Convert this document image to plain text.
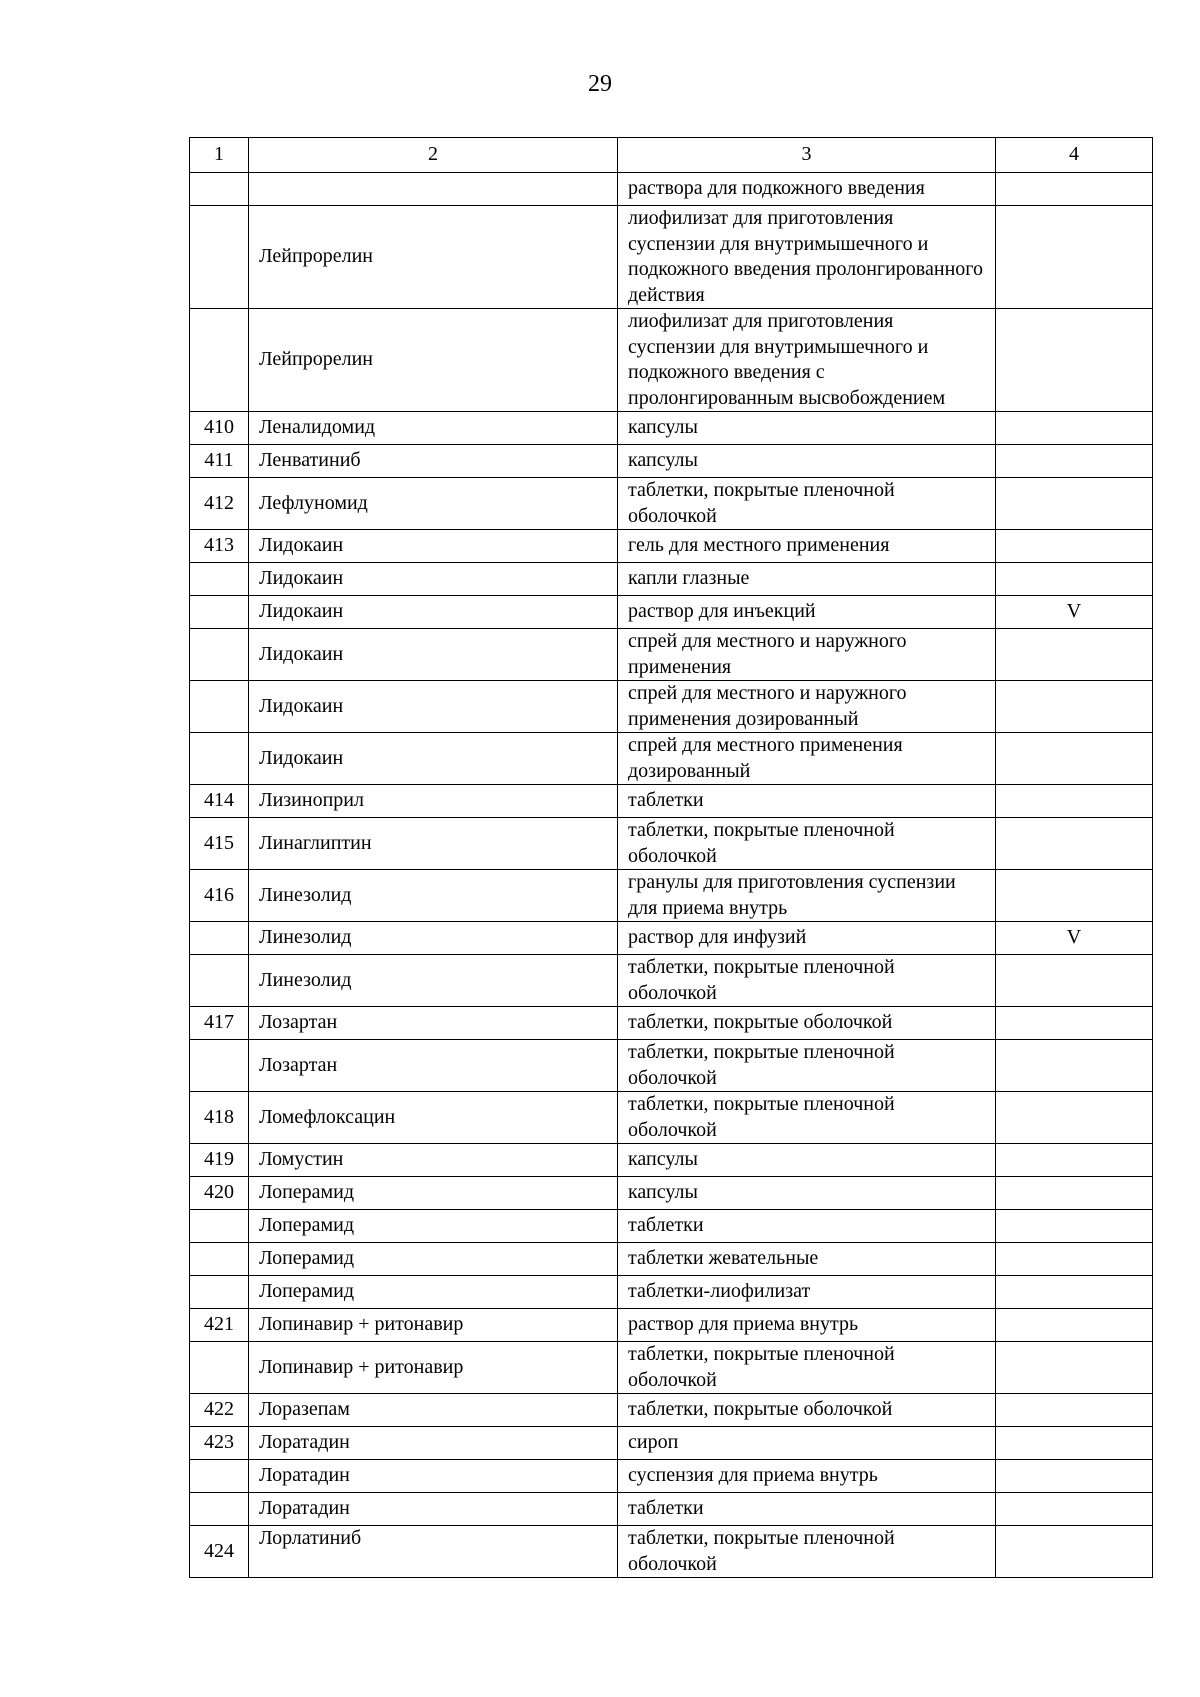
29
1	2	3	4
		раствора для подкожного введения	
	Лейпрорелин	лиофилизат для приготовления суспензии для внутримышечного и подкожного введения пролонгированного действия	
	Лейпрорелин	лиофилизат для приготовления суспензии для внутримышечного и подкожного введения с пролонгированным высвобождением	
410	Леналидомид	капсулы	
411	Ленватиниб	капсулы	
412	Лефлуномид	таблетки, покрытые пленочной оболочкой	
413	Лидокаин	гель для местного применения	
	Лидокаин	капли глазные	
	Лидокаин	раствор для инъекций	V
	Лидокаин	спрей для местного и наружного применения	
	Лидокаин	спрей для местного и наружного применения дозированный	
	Лидокаин	спрей для местного применения дозированный	
414	Лизиноприл	таблетки	
415	Линаглиптин	таблетки, покрытые пленочной оболочкой	
416	Линезолид	гранулы для приготовления суспензии для приема внутрь	
	Линезолид	раствор для инфузий	V
	Линезолид	таблетки, покрытые пленочной оболочкой	
417	Лозартан	таблетки, покрытые оболочкой	
	Лозартан	таблетки, покрытые пленочной оболочкой	
418	Ломефлоксацин	таблетки, покрытые пленочной оболочкой	
419	Ломустин	капсулы	
420	Лоперамид	капсулы	
	Лоперамид	таблетки	
	Лоперамид	таблетки жевательные	
	Лоперамид	таблетки-лиофилизат	
421	Лопинавир + ритонавир	раствор для приема внутрь	
	Лопинавир + ритонавир	таблетки, покрытые пленочной оболочкой	
422	Лоразепам	таблетки, покрытые оболочкой	
423	Лоратадин	сироп	
	Лоратадин	суспензия для приема внутрь	
	Лоратадин	таблетки	
424	Лорлатиниб	таблетки, покрытые пленочной оболочкой	
